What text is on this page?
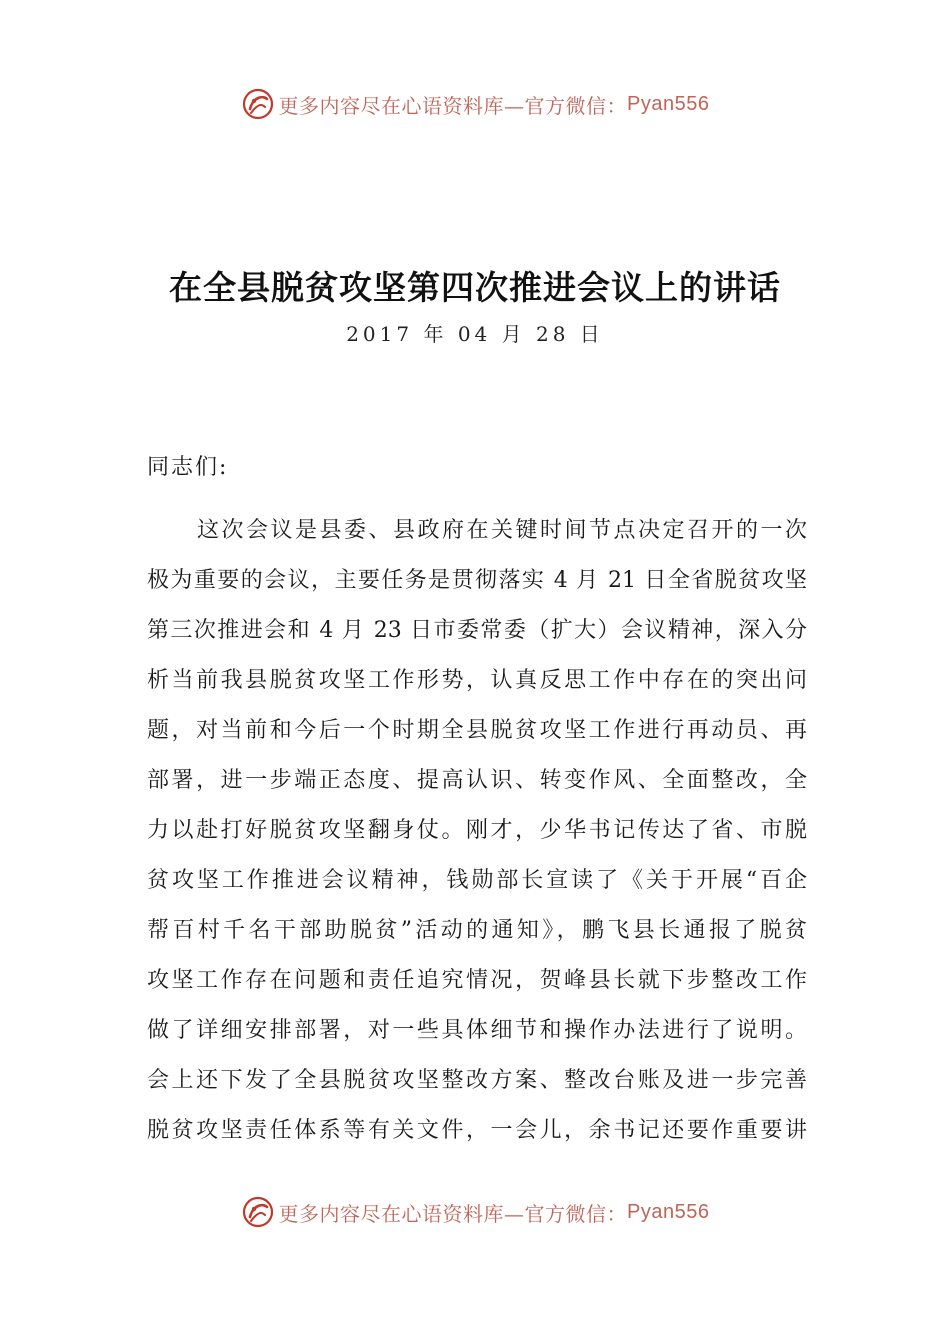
更多内容尽在心语资料库—官方微信： Pyan556
在全县脱贫攻坚第四次推进会议上的讲话
2017 年 04 月 28 日
同志们:
这次会议是县委、县政府在关键时间节点决定召开的一次
极为重要的会议，主要任务是贯彻落实 4 月 21 日全省脱贫攻坚
第三次推进会和 4 月 23 日市委常委（扩大）会议精神，深入分
析当前我县脱贫攻坚工作形势，认真反思工作中存在的突出问
题，对当前和今后一个时期全县脱贫攻坚工作进行再动员、再
部署，进一步端正态度、提高认识、转变作风、全面整改，全
力以赴打好脱贫攻坚翻身仗。刚才，少华书记传达了省、市脱
贫攻坚工作推进会议精神，钱勋部长宣读了《关于开展“百企
帮百村千名干部助脱贫”活动的通知》，鹏飞县长通报了脱贫
攻坚工作存在问题和责任追究情况，贺峰县长就下步整改工作
做了详细安排部署，对一些具体细节和操作办法进行了说明。
会上还下发了全县脱贫攻坚整改方案、整改台账及进一步完善
脱贫攻坚责任体系等有关文件，一会儿，余书记还要作重要讲
更多内容尽在心语资料库—官方微信： Pyan556
